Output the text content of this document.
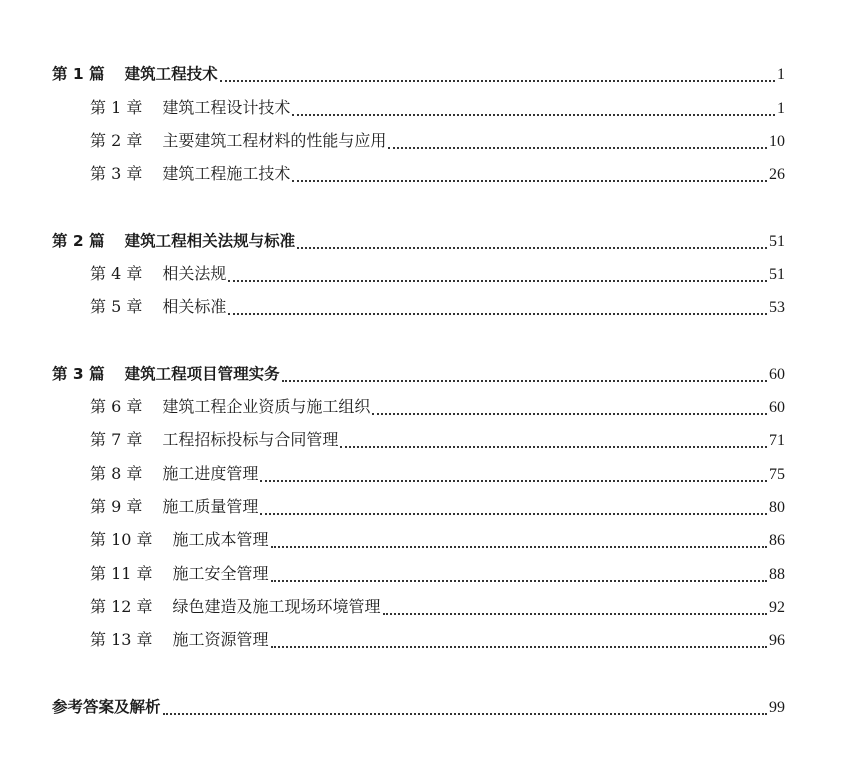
第 1 篇 建筑工程技术	1
第 1 章 建筑工程设计技术	1
第 2 章 主要建筑工程材料的性能与应用	10
第 3 章 建筑工程施工技术	26
第 2 篇 建筑工程相关法规与标准	51
第 4 章 相关法规	51
第 5 章 相关标准	53
第 3 篇 建筑工程项目管理实务	60
第 6 章 建筑工程企业资质与施工组织	60
第 7 章 工程招标投标与合同管理	71
第 8 章 施工进度管理	75
第 9 章 施工质量管理	80
第 10 章 施工成本管理	86
第 11 章 施工安全管理	88
第 12 章 绿色建造及施工现场环境管理	92
第 13 章 施工资源管理	96
参考答案及解析	99
